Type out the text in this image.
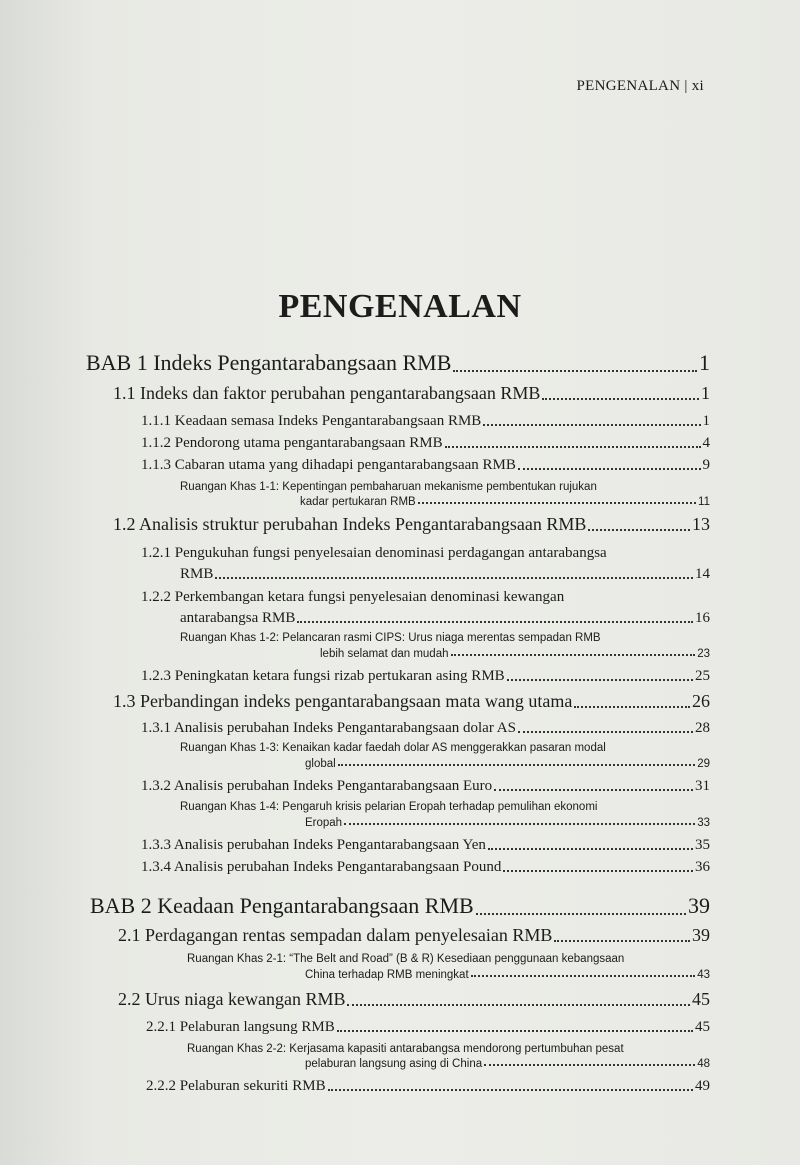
PENGENALAN | xi
PENGENALAN
BAB 1 Indeks Pengantarabangsaan RMB	1
1.1 Indeks dan faktor perubahan pengantarabangsaan RMB	1
1.1.1 Keadaan semasa Indeks Pengantarabangsaan RMB	1
1.1.2 Pendorong utama pengantarabangsaan RMB	4
1.1.3 Cabaran utama yang dihadapi pengantarabangsaan RMB	9
Ruangan Khas 1-1: Kepentingan pembaharuan mekanisme pembentukan rujukan
kadar pertukaran RMB	11
1.2 Analisis struktur perubahan Indeks Pengantarabangsaan RMB	13
1.2.1 Pengukuhan fungsi penyelesaian denominasi perdagangan antarabangsa
RMB	14
1.2.2 Perkembangan ketara fungsi penyelesaian denominasi kewangan
antarabangsa RMB	16
Ruangan Khas 1-2: Pelancaran rasmi CIPS: Urus niaga merentas sempadan RMB
lebih selamat dan mudah	23
1.2.3 Peningkatan ketara fungsi rizab pertukaran asing RMB	25
1.3 Perbandingan indeks pengantarabangsaan mata wang utama	26
1.3.1 Analisis perubahan Indeks Pengantarabangsaan dolar AS	28
Ruangan Khas 1-3: Kenaikan kadar faedah dolar AS menggerakkan pasaran modal
global	29
1.3.2 Analisis perubahan Indeks Pengantarabangsaan Euro	31
Ruangan Khas 1-4: Pengaruh krisis pelarian Eropah terhadap pemulihan ekonomi
Eropah	33
1.3.3 Analisis perubahan Indeks Pengantarabangsaan Yen	35
1.3.4 Analisis perubahan Indeks Pengantarabangsaan Pound	36
BAB 2 Keadaan Pengantarabangsaan RMB	39
2.1 Perdagangan rentas sempadan dalam penyelesaian RMB	39
Ruangan Khas 2-1: “The Belt and Road” (B & R) Kesediaan penggunaan kebangsaan
China terhadap RMB meningkat	43
2.2 Urus niaga kewangan RMB	45
2.2.1 Pelaburan langsung RMB	45
Ruangan Khas 2-2: Kerjasama kapasiti antarabangsa mendorong pertumbuhan pesat
pelaburan langsung asing di China	48
2.2.2 Pelaburan sekuriti RMB	49
